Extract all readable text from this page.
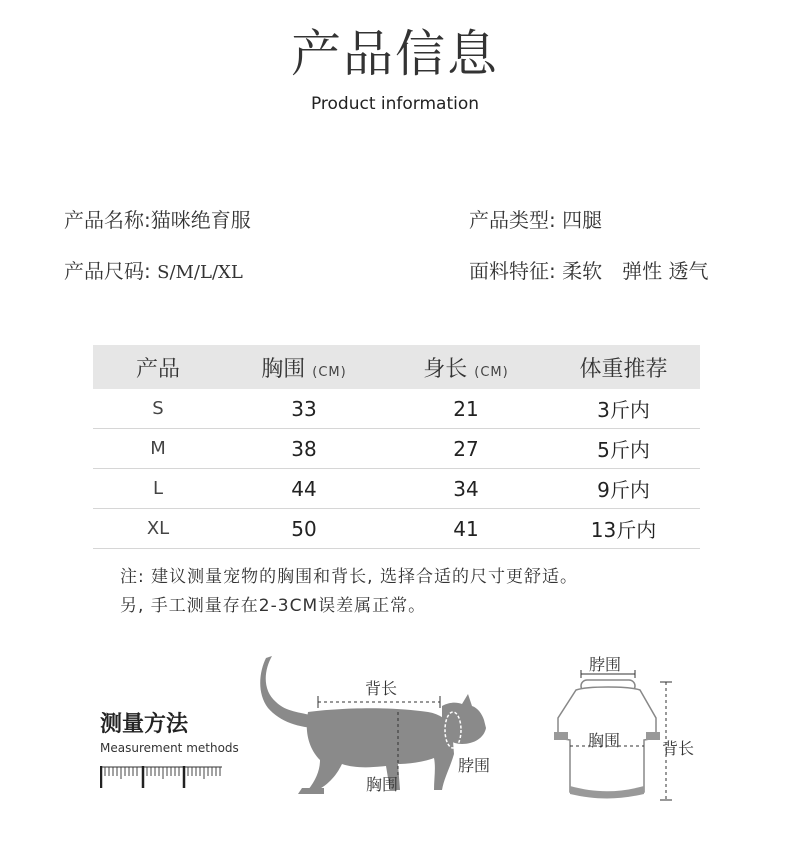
产品信息
Product information
产品名称:猫咪绝育服	产品类型: 四腿
产品尺码: S/M/L/XL	面料特征: 柔软　弹性 透气
产品	胸围 (CM)	身长 (CM)	体重推荐
S	33	21	3斤内
M	38	27	5斤内
L	44	34	9斤内
XL	50	41	13斤内
注: 建议测量宠物的胸围和背长, 选择合适的尺寸更舒适。
另, 手工测量存在2-3CM误差属正常。
测量方法
Measurement methods
背长
脖围
胸围
脖围
胸围	背长
